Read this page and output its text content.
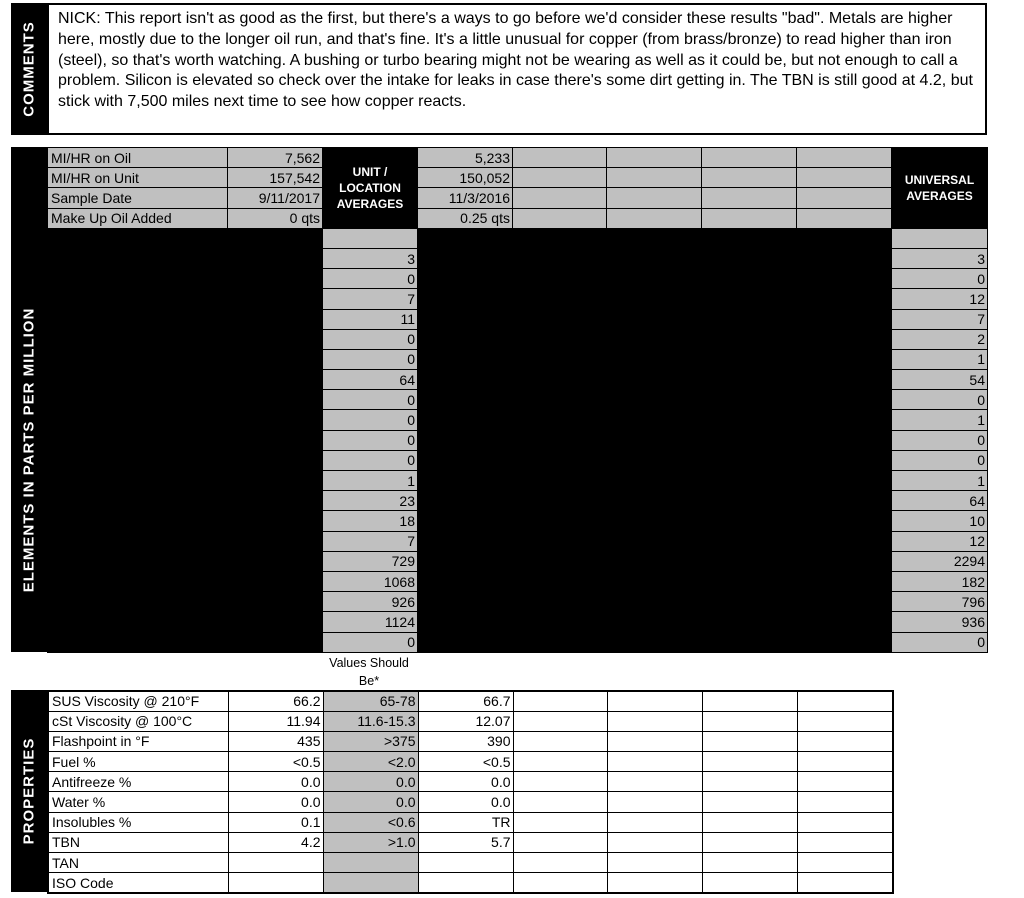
COMMENTS
NICK: This report isn't as good as the first, but there's a ways to go before we'd consider these results "bad". Metals are higher here, mostly due to the longer oil run, and that's fine. It's a little unusual for copper (from brass/bronze) to read higher than iron (steel), so that's worth watching. A bushing or turbo bearing might not be wearing as well as it could be, but not enough to call a problem. Silicon is elevated so check over the intake for leaks in case there's some dirt getting in. The TBN is still good at 4.2, but stick with 7,500 miles next time to see how copper reacts.
ELEMENTS IN PARTS PER MILLION
MI/HR on Oil	7,562	UNIT / LOCATION AVERAGES	5,233					UNIVERSAL AVERAGES
MI/HR on Unit	157,542		150,052					
Sample Date	9/11/2017		11/3/2016					
Make Up Oil Added	0 qts		0.25 qts					

ALUMINUM	3	3	2					3
CHROMIUM	0	0	0					0
IRON	8	7	5					12
COPPER	13	11	8					7
LEAD	0	0	0					2
TIN	0	0	0					1
MOLYBDENUM	68	64	60					54
NICKEL	0	0	0					0
MANGANESE	0	0	0					1
SILVER	0	0	0					0
TITANIUM	0	0	0					0
POTASSIUM	0	1	1					1
BORON	21	23	25					64
SILICON	21	18	15					10
SODIUM	9	7	5					12
CALCIUM	788	729	670					2294
MAGNESIUM	1132	1068	1004					182
PHOSPHORUS	974	926	878					796
ZINC	1180	1124	1067					936
BARIUM	0	0	0					0
Values Should Be*
PROPERTIES
SUS Viscosity @ 210°F	66.2	65-78	66.7				
cSt Viscosity @ 100°C	11.94	11.6-15.3	12.07				
Flashpoint in °F	435	>375	390				
Fuel %	<0.5	<2.0	<0.5				
Antifreeze %	0.0	0.0	0.0				
Water %	0.0	0.0	0.0				
Insolubles %	0.1	<0.6	TR				
TBN	4.2	>1.0	5.7				
TAN							
ISO Code							
